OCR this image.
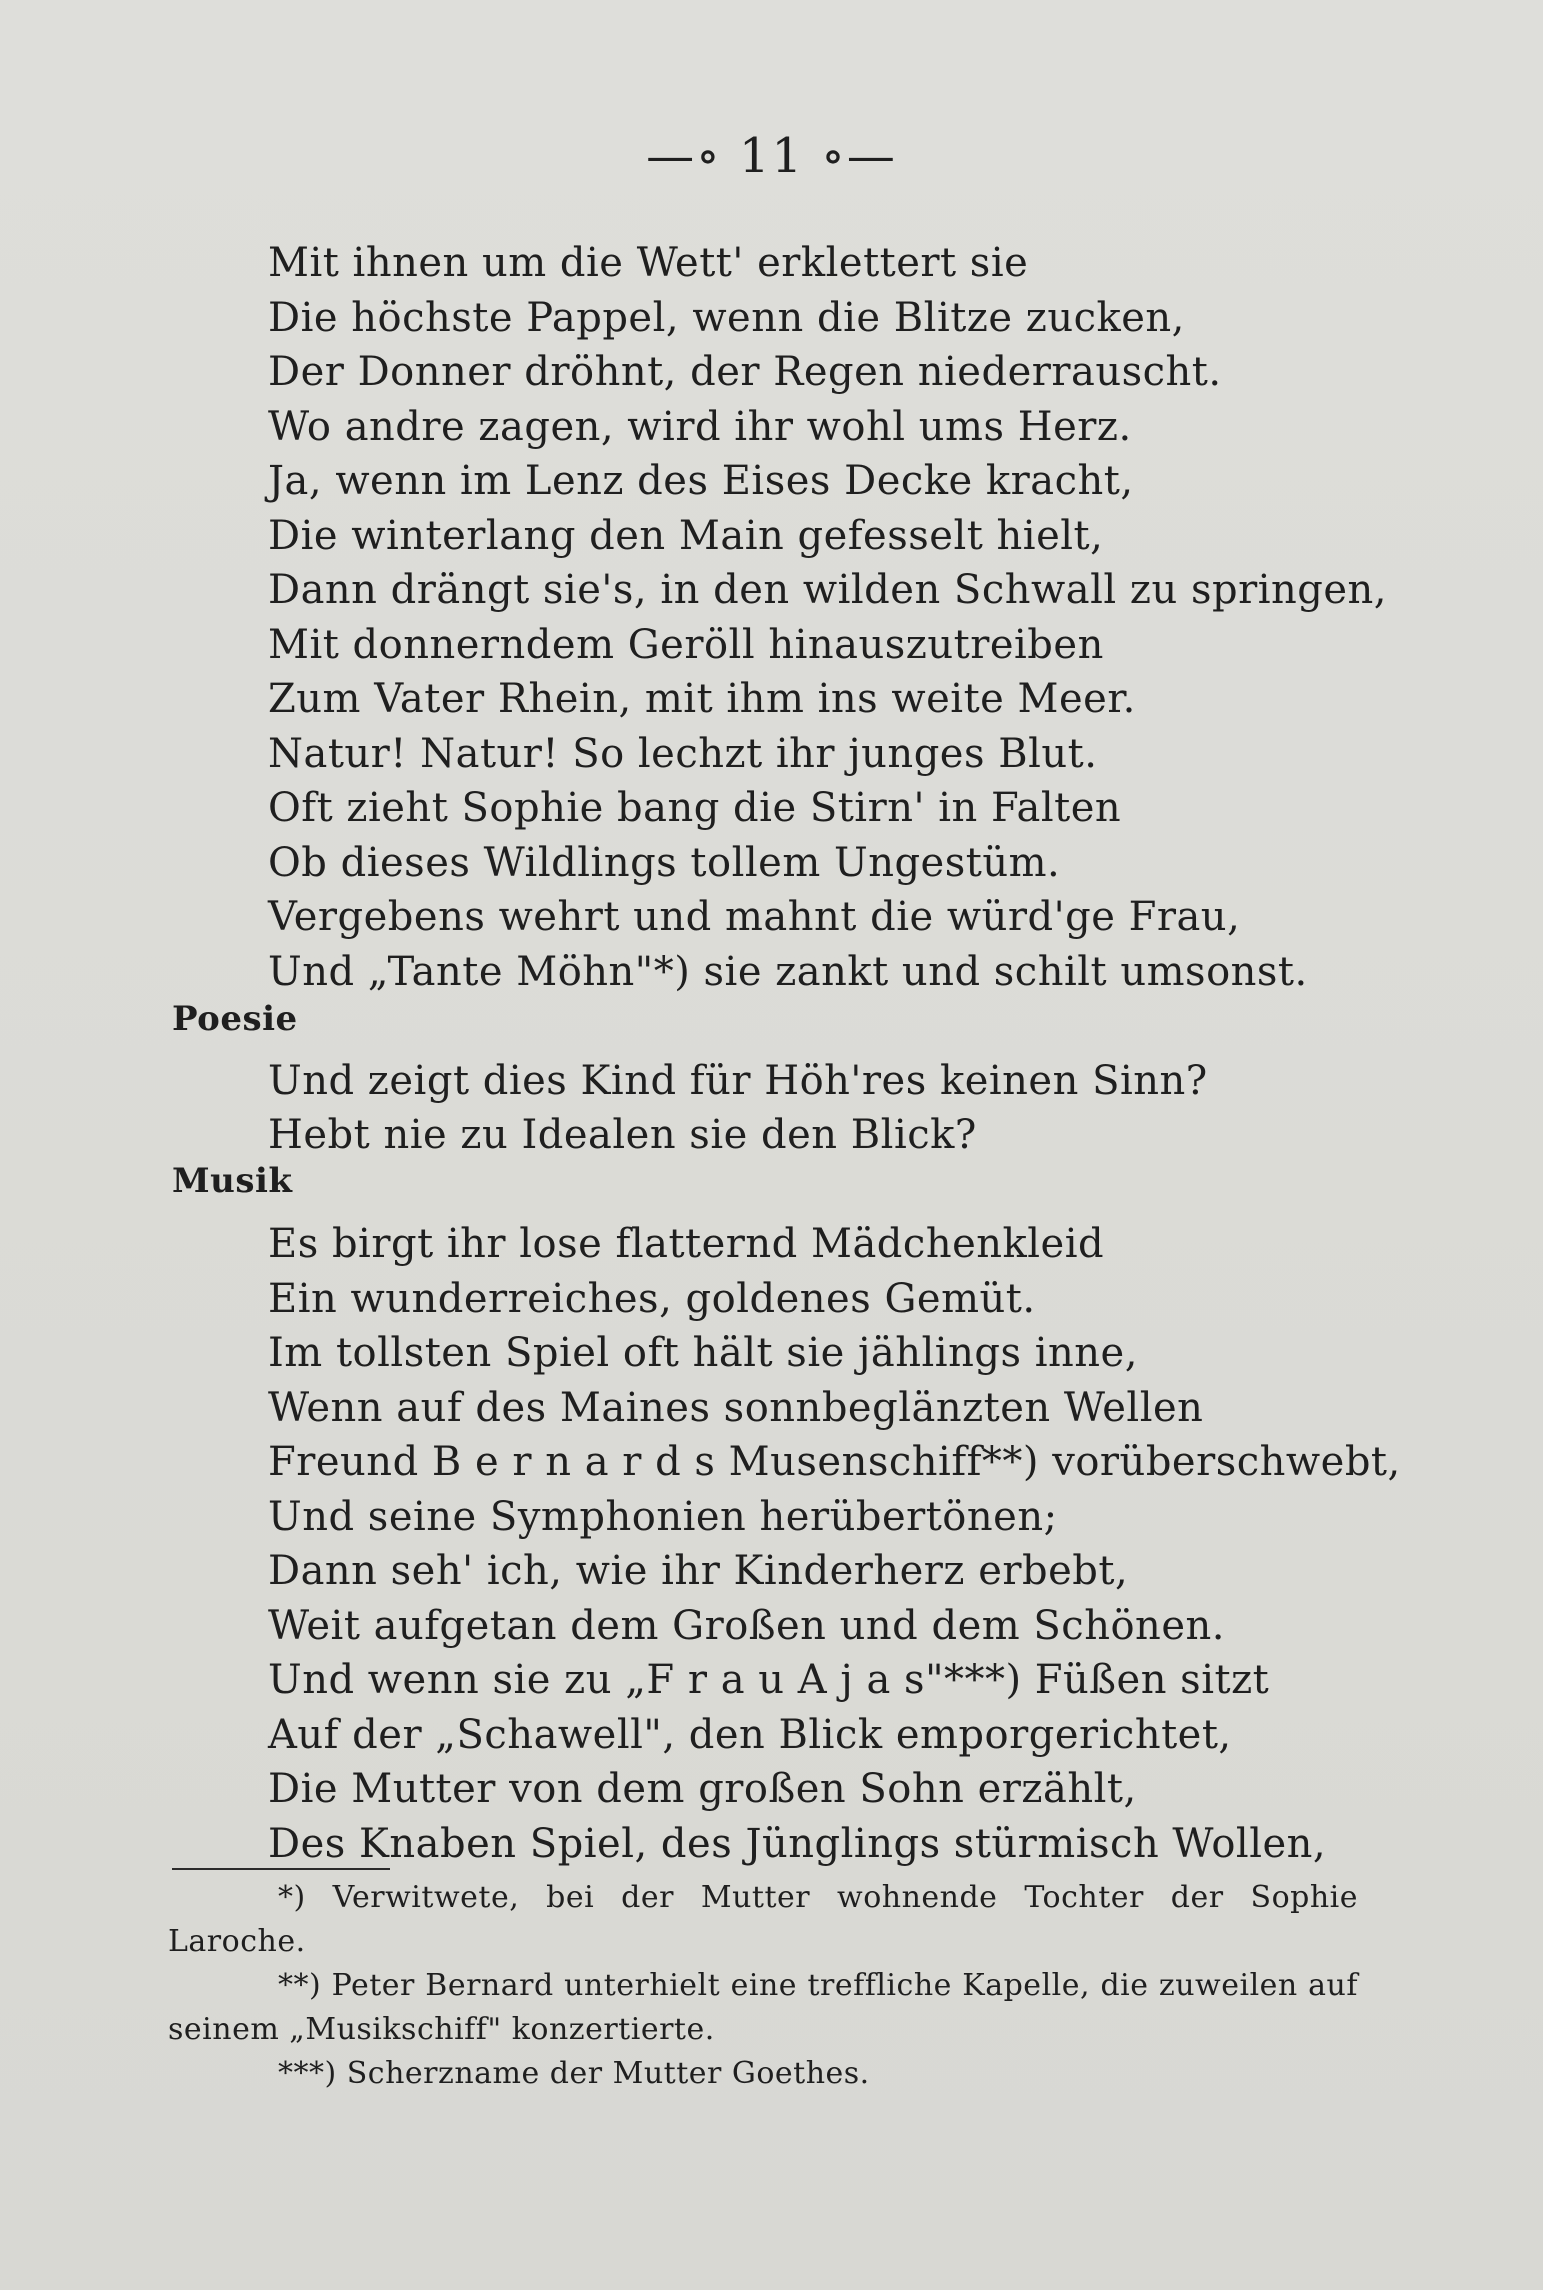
—∘ 11 ∘—
Mit ihnen um die Wett' erklettert sie
Die höchste Pappel, wenn die Blitze zucken,
Der Donner dröhnt, der Regen niederrauscht.
Wo andre zagen, wird ihr wohl ums Herz.
Ja, wenn im Lenz des Eises Decke kracht,
Die winterlang den Main gefesselt hielt,
Dann drängt sie's, in den wilden Schwall zu springen,
Mit donnerndem Geröll hinauszutreiben
Zum Vater Rhein, mit ihm ins weite Meer.
Natur! Natur! So lechzt ihr junges Blut.
Oft zieht Sophie bang die Stirn' in Falten
Ob dieses Wildlings tollem Ungestüm.
Vergebens wehrt und mahnt die würd'ge Frau,
Und „Tante Möhn"*) sie zankt und schilt umsonst.
Und zeigt dies Kind für Höh'res keinen Sinn?
Hebt nie zu Idealen sie den Blick?
Es birgt ihr lose flatternd Mädchenkleid
Ein wunderreiches, goldenes Gemüt.
Im tollsten Spiel oft hält sie jählings inne,
Wenn auf des Maines sonnbeglänzten Wellen
Freund B e r n a r d s Musenschiff**) vorüberschwebt,
Und seine Symphonien herübertönen;
Dann seh' ich, wie ihr Kinderherz erbebt,
Weit aufgetan dem Großen und dem Schönen.
Und wenn sie zu „F r a u A j a s"***) Füßen sitzt
Auf der „Schawell", den Blick emporgerichtet,
Die Mutter von dem großen Sohn erzählt,
Des Knaben Spiel, des Jünglings stürmisch Wollen,
Poesie
Musik
*) Verwitwete, bei der Mutter wohnende Tochter der Sophie Laroche.
**) Peter Bernard unterhielt eine treffliche Kapelle, die zuweilen auf seinem „Musikschiff" konzertierte.
***) Scherzname der Mutter Goethes.
